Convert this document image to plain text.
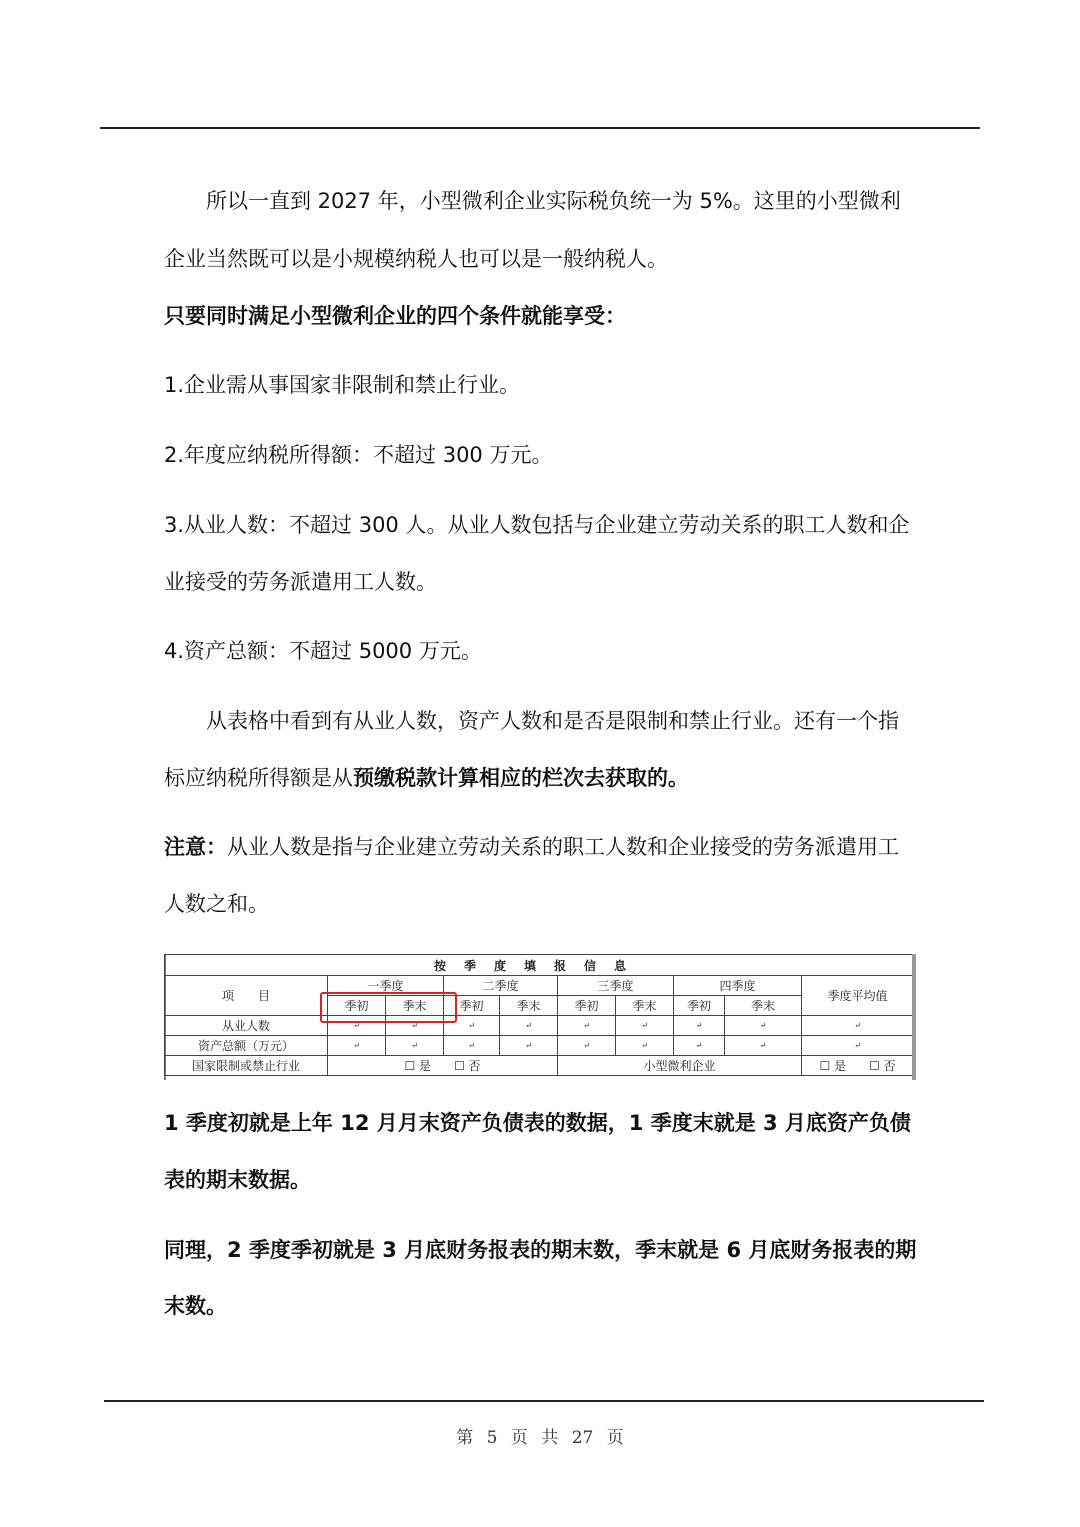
所以一直到 2027 年，小型微利企业实际税负统一为 5%。这里的小型微利
企业当然既可以是小规模纳税人也可以是一般纳税人。
只要同时满足小型微利企业的四个条件就能享受：
1.企业需从事国家非限制和禁止行业。
2.年度应纳税所得额：不超过 300 万元。
3.从业人数：不超过 300 人。从业人数包括与企业建立劳动关系的职工人数和企
业接受的劳务派遣用工人数。
4.资产总额：不超过 5000 万元。
从表格中看到有从业人数，资产人数和是否是限制和禁止行业。还有一个指
标应纳税所得额是从预缴税款计算相应的栏次去获取的。
注意：从业人数是指与企业建立劳动关系的职工人数和企业接受的劳务派遣用工
人数之和。
按季度填报信息									
项　　目	一季度		二季度		三季度		四季度		季度平均值
	季初	季末	季初	季末	季初	季末	季初	季末	
从业人数	↵	↵	↵	↵	↵	↵	↵	↵	↵
资产总额（万元）	↵	↵	↵	↵	↵	↵	↵	↵	↵
国家限制或禁止行业	☐ 是 ☐ 否				小型微利企业				☐ 是 ☐ 否
1 季度初就是上年 12 月月末资产负债表的数据，1 季度末就是 3 月底资产负债
表的期末数据。
同理，2 季度季初就是 3 月底财务报表的期末数，季末就是 6 月底财务报表的期
末数。
第 5 页 共 27 页
